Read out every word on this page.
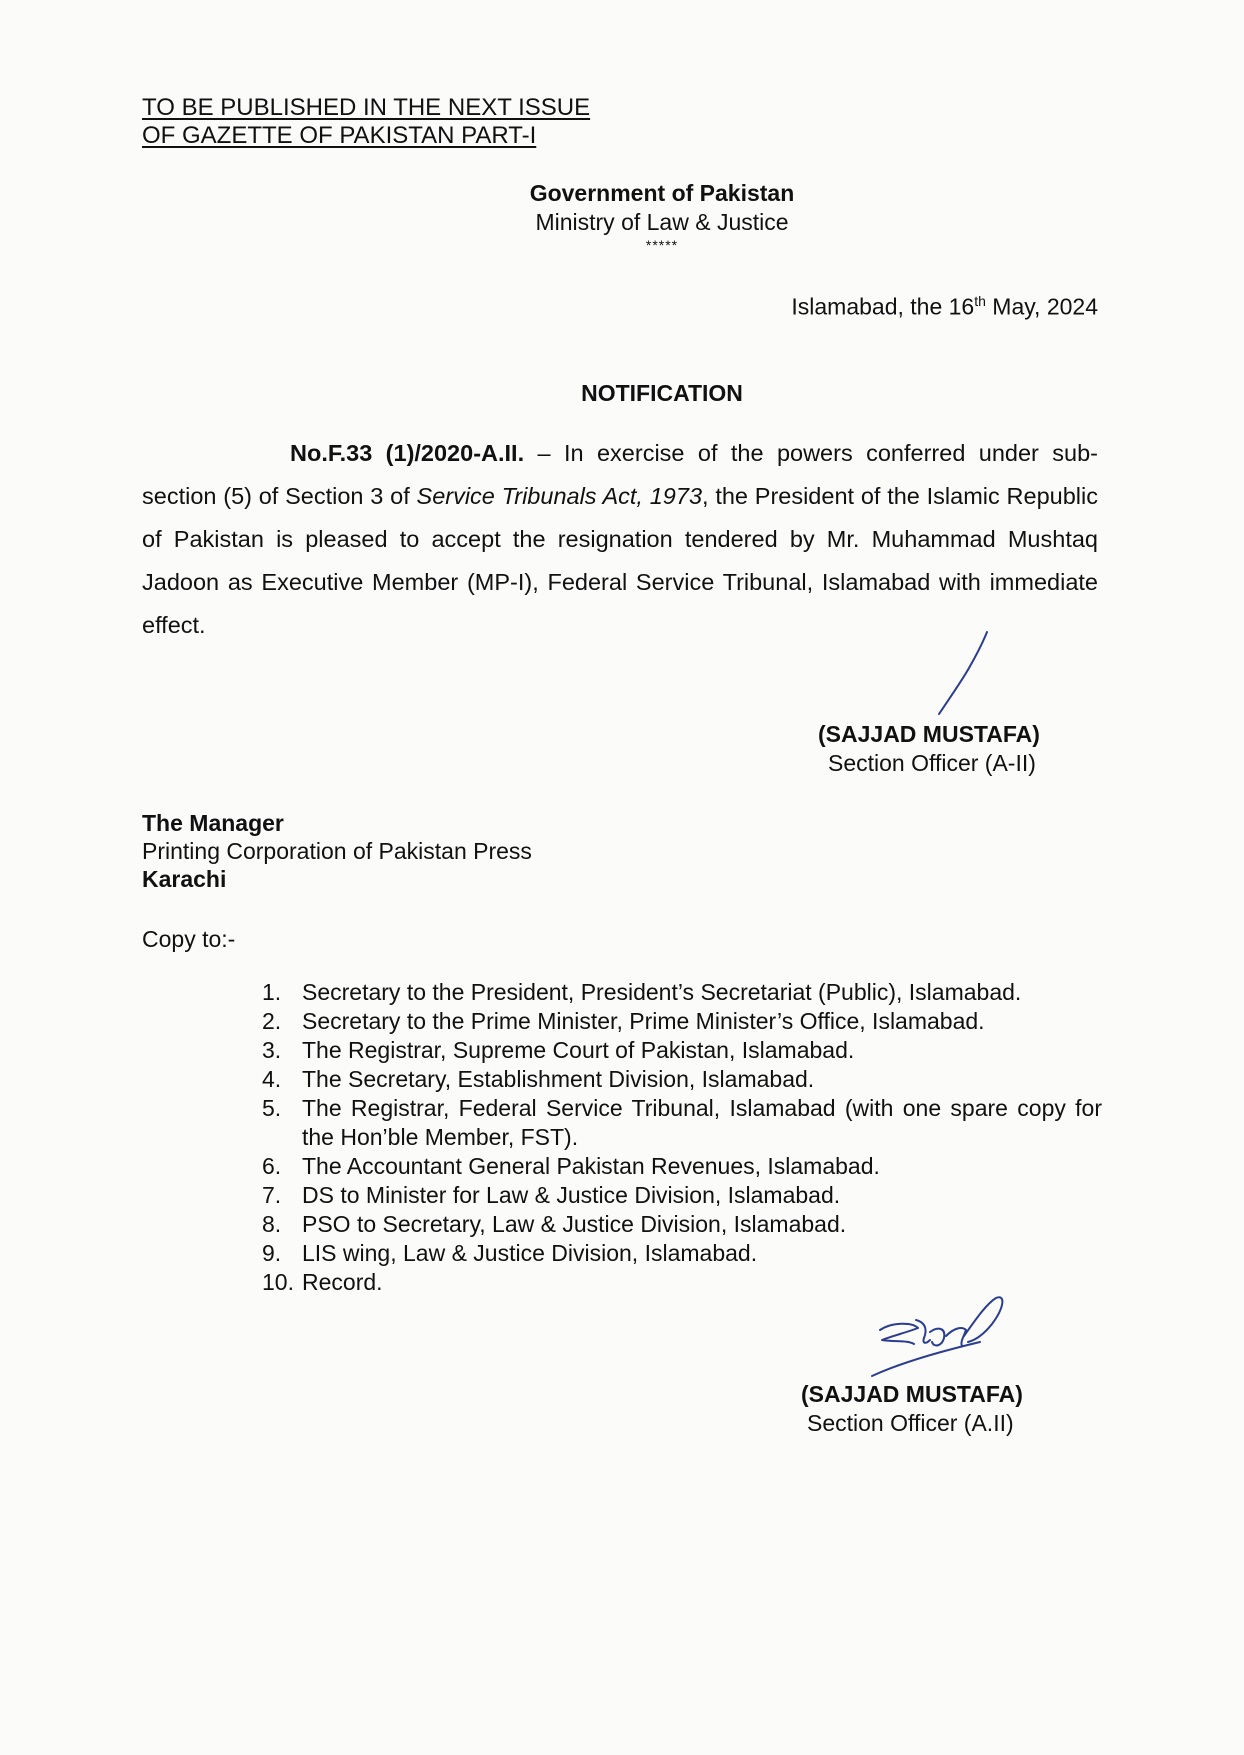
TO BE PUBLISHED IN THE NEXT ISSUE
OF GAZETTE OF PAKISTAN PART-I
Government of Pakistan
Ministry of Law & Justice
*****
Islamabad, the 16th May, 2024
NOTIFICATION
No.F.33 (1)/2020-A.II. – In exercise of the powers conferred under sub-section (5) of Section 3 of Service Tribunals Act, 1973, the President of the Islamic Republic of Pakistan is pleased to accept the resignation tendered by Mr. Muhammad Mushtaq Jadoon as Executive Member (MP-I), Federal Service Tribunal, Islamabad with immediate effect.
(SAJJAD MUSTAFA)
Section Officer (A-II)
The Manager
Printing Corporation of Pakistan Press
Karachi
Copy to:-
1. Secretary to the President, President’s Secretariat (Public), Islamabad.
2. Secretary to the Prime Minister, Prime Minister’s Office, Islamabad.
3. The Registrar, Supreme Court of Pakistan, Islamabad.
4. The Secretary, Establishment Division, Islamabad.
5. The Registrar, Federal Service Tribunal, Islamabad (with one spare copy for the Hon’ble Member, FST).
6. The Accountant General Pakistan Revenues, Islamabad.
7. DS to Minister for Law & Justice Division, Islamabad.
8. PSO to Secretary, Law & Justice Division, Islamabad.
9. LIS wing, Law & Justice Division, Islamabad.
10. Record.
(SAJJAD MUSTAFA)
Section Officer (A.II)
